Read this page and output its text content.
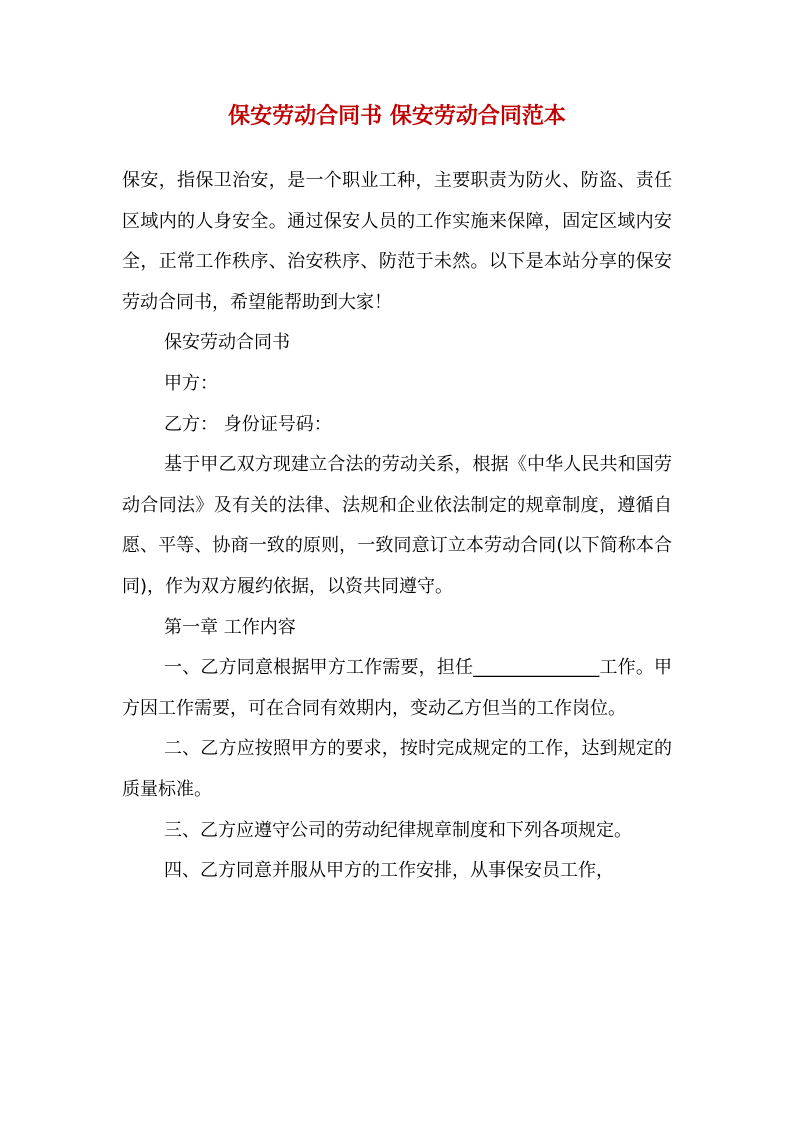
保安劳动合同书 保安劳动合同范本

保安，指保卫治安，是一个职业工种，主要职责为防火、防盗、责任区域内的人身安全。通过保安人员的工作实施来保障，固定区域内安全，正常工作秩序、治安秩序、防范于未然。以下是本站分享的保安劳动合同书，希望能帮助到大家！

保安劳动合同书

甲方：

乙方： 身份证号码：

基于甲乙双方现建立合法的劳动关系，根据《中华人民共和国劳动合同法》及有关的法律、法规和企业依法制定的规章制度，遵循自愿、平等、协商一致的原则，一致同意订立本劳动合同(以下简称本合同)，作为双方履约依据，以资共同遵守。

第一章 工作内容

一、乙方同意根据甲方工作需要，担任______________工作。甲方因工作需要，可在合同有效期内，变动乙方但当的工作岗位。

二、乙方应按照甲方的要求，按时完成规定的工作，达到规定的质量标准。

三、乙方应遵守公司的劳动纪律规章制度和下列各项规定。

四、乙方同意并服从甲方的工作安排，从事保安员工作，
